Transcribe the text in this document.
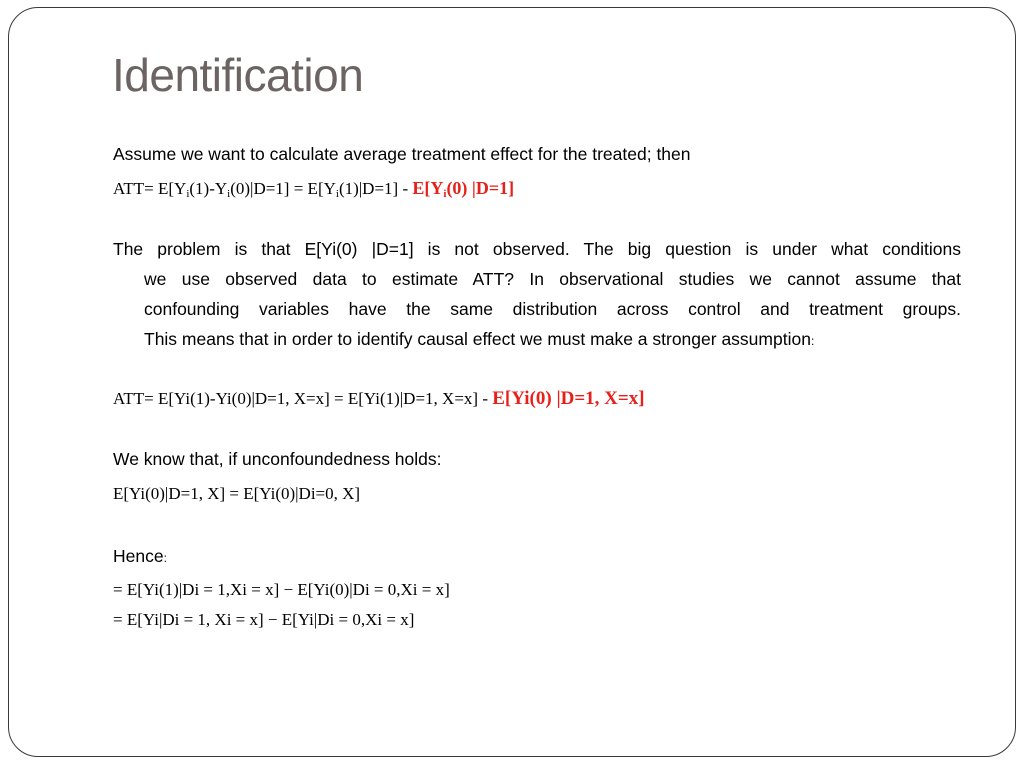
Identification
Assume we want to calculate average treatment effect for the treated; then
$ATT= E[Y_i(1)-Y_i(0)|D=1] = E[Y_i(1)|D=1] - E[Y_i(0)$ |D=1]
The problem is that E[Yi(0) |D=1] is not observed. The big question is under what conditions
we use observed data to estimate ATT? In observational studies we cannot assume that
confounding variables have the same distribution across control and treatment groups.
This means that in order to identify causal effect we must make a stronger assumption:
ATT= E[Yi(1)-Yi(0)|D=1, X=x] = E[Yi(1)|D=1, X=x] - E[Yi(0) |D=1, X=x]
We know that, if unconfoundedness holds:
E[Yi(0)|D=1, X] = E[Yi(0)|Di=0, X]
Hence:
= E[Yi(1)|Di = 1,Xi = x] − E[Yi(0)|Di = 0,Xi = x]
= E[Yi|Di = 1, Xi = x] − E[Yi|Di = 0,Xi = x]
